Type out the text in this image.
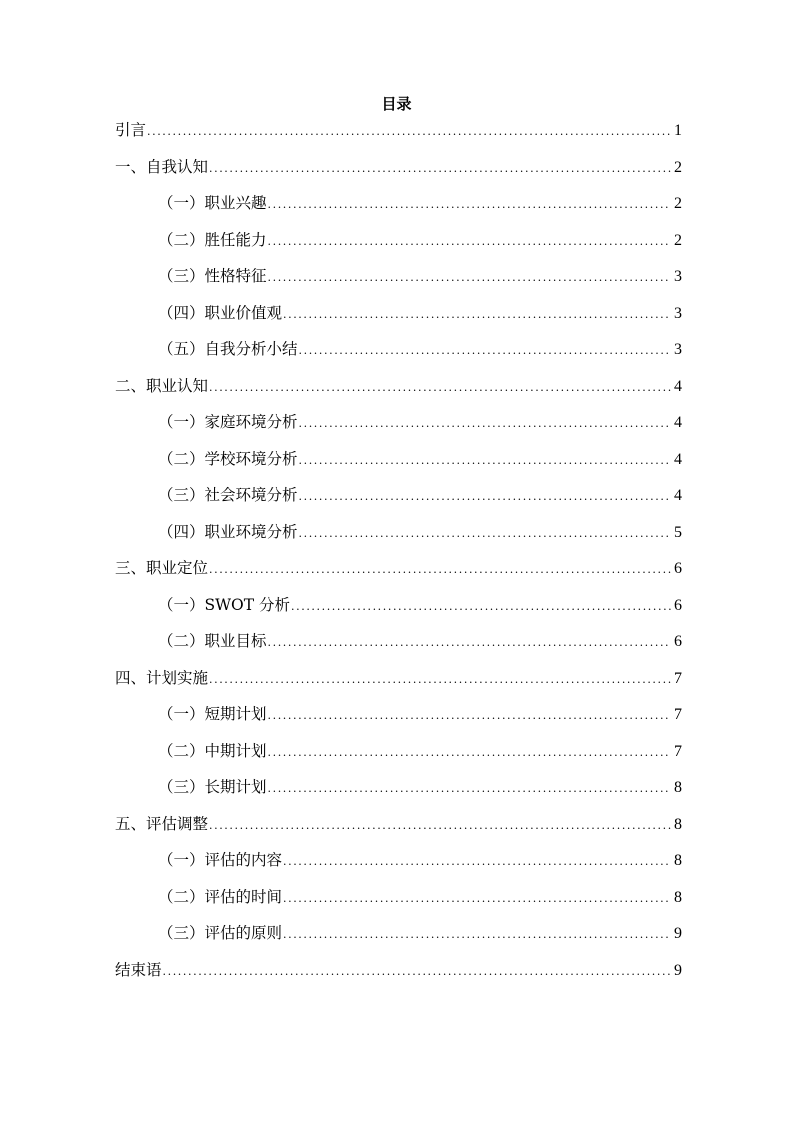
目录
引言 .....	1
一、自我认知 .....	2
（一）职业兴趣 .....	2
（二）胜任能力 .....	2
（三）性格特征 .....	3
（四）职业价值观 .....	3
（五）自我分析小结 .....	3
二、职业认知 .....	4
（一）家庭环境分析 .....	4
（二）学校环境分析 .....	4
（三）社会环境分析 .....	4
（四）职业环境分析 .....	5
三、职业定位 .....	6
（一）SWOT 分析 .....	6
（二）职业目标 .....	6
四、计划实施 .....	7
（一）短期计划 .....	7
（二）中期计划 .....	7
（三）长期计划 .....	8
五、评估调整 .....	8
（一）评估的内容 .....	8
（二）评估的时间 .....	8
（三）评估的原则 .....	9
结束语 .....	9
